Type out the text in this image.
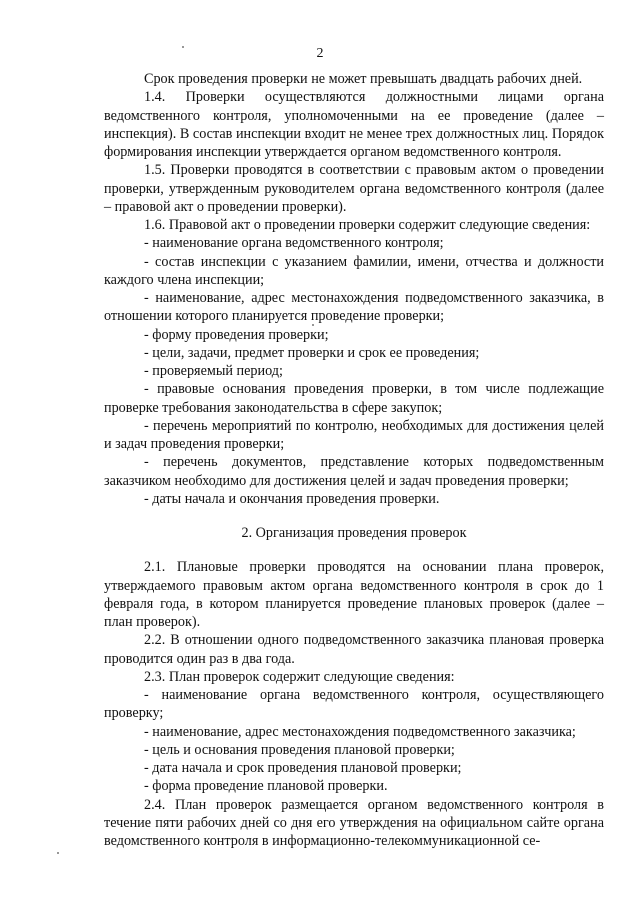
2

Срок проведения проверки не может превышать двадцать рабочих дней.

1.4. Проверки осуществляются должностными лицами органа ведомственного контроля, уполномоченными на ее проведение (далее – инспекция). В состав инспекции входит не менее трех должностных лиц. Порядок формирования инспекции утверждается органом ведомственного контроля.

1.5. Проверки проводятся в соответствии с правовым актом о проведении проверки, утвержденным руководителем органа ведомственного контроля (далее – правовой акт о проведении проверки).

1.6. Правовой акт о проведении проверки содержит следующие сведения:

- наименование органа ведомственного контроля;

- состав инспекции с указанием фамилии, имени, отчества и должности каждого члена инспекции;

- наименование, адрес местонахождения подведомственного заказчика, в отношении которого планируется проведение проверки;

- форму проведения проверки;

- цели, задачи, предмет проверки и срок ее проведения;

- проверяемый период;

- правовые основания проведения проверки, в том числе подлежащие проверке требования законодательства в сфере закупок;

- перечень мероприятий по контролю, необходимых для достижения целей и задач проведения проверки;

- перечень документов, представление которых подведомственным заказчиком необходимо для достижения целей и задач проведения проверки;

- даты начала и окончания проведения проверки.

2. Организация проведения проверок

2.1. Плановые проверки проводятся на основании плана проверок, утверждаемого правовым актом органа ведомственного контроля в срок до 1 февраля года, в котором планируется проведение плановых проверок (далее – план проверок).

2.2. В отношении одного подведомственного заказчика плановая проверка проводится один раз в два года.

2.3. План проверок содержит следующие сведения:

- наименование органа ведомственного контроля, осуществляющего проверку;

- наименование, адрес местонахождения подведомственного заказчика;

- цель и основания проведения плановой проверки;

- дата начала и срок проведения плановой проверки;

- форма проведение плановой проверки.

2.4. План проверок размещается органом ведомственного контроля в течение пяти рабочих дней со дня его утверждения на официальном сайте органа ведомственного контроля в информационно-телекоммуникационной се-
